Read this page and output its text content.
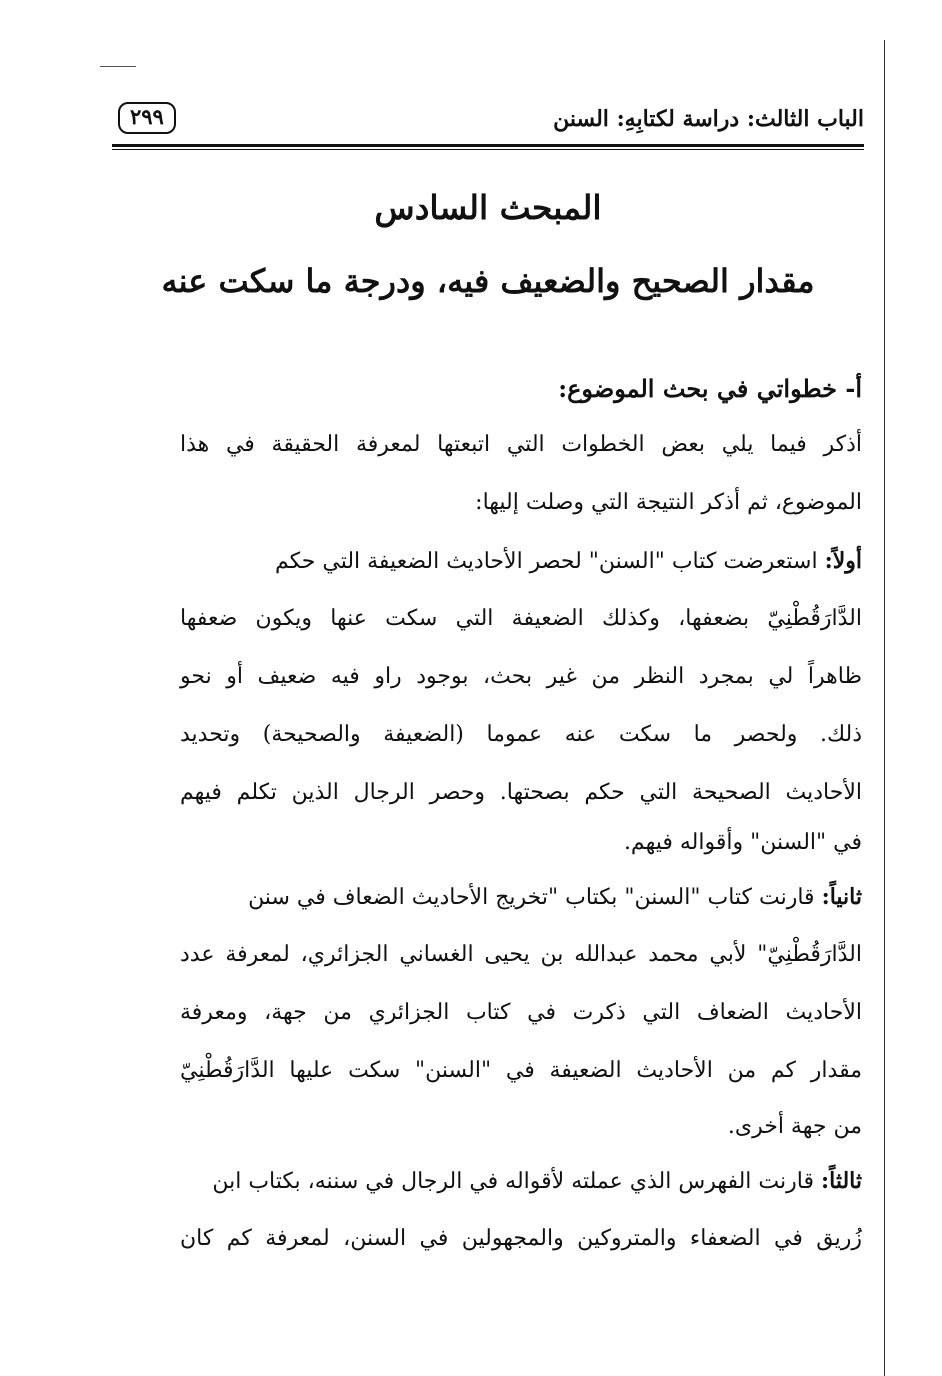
الباب الثالث: دراسة لكتابِهِ: السنن
٢٩٩
المبحث السادس
مقدار الصحيح والضعيف فيه، ودرجة ما سكت عنه
أ- خطواتي في بحث الموضوع:
أذكر فيما يلي بعض الخطوات التي اتبعتها لمعرفة الحقيقة في هذا
الموضوع، ثم أذكر النتيجة التي وصلت إليها:
أولاً: استعرضت كتاب "السنن" لحصر الأحاديث الضعيفة التي حكم
الدَّارَقُطْنِيّ بضعفها، وكذلك الضعيفة التي سكت عنها ويكون ضعفها
ظاهراً لي بمجرد النظر من غير بحث، بوجود راو فيه ضعيف أو نحو
ذلك. ولحصر ما سكت عنه عموما (الضعيفة والصحيحة) وتحديد
الأحاديث الصحيحة التي حكم بصحتها. وحصر الرجال الذين تكلم فيهم
في "السنن" وأقواله فيهم.
ثانياً: قارنت كتاب "السنن" بكتاب "تخريج الأحاديث الضعاف في سنن
الدَّارَقُطْنِيّ" لأبي محمد عبدالله بن يحيى الغساني الجزائري، لمعرفة عدد
الأحاديث الضعاف التي ذكرت في كتاب الجزائري من جهة، ومعرفة
مقدار كم من الأحاديث الضعيفة في "السنن" سكت عليها الدَّارَقُطْنِيّ
من جهة أخرى.
ثالثاً: قارنت الفهرس الذي عملته لأقواله في الرجال في سننه، بكتاب ابن
زُريق في الضعفاء والمتروكين والمجهولين في السنن، لمعرفة كم كان
